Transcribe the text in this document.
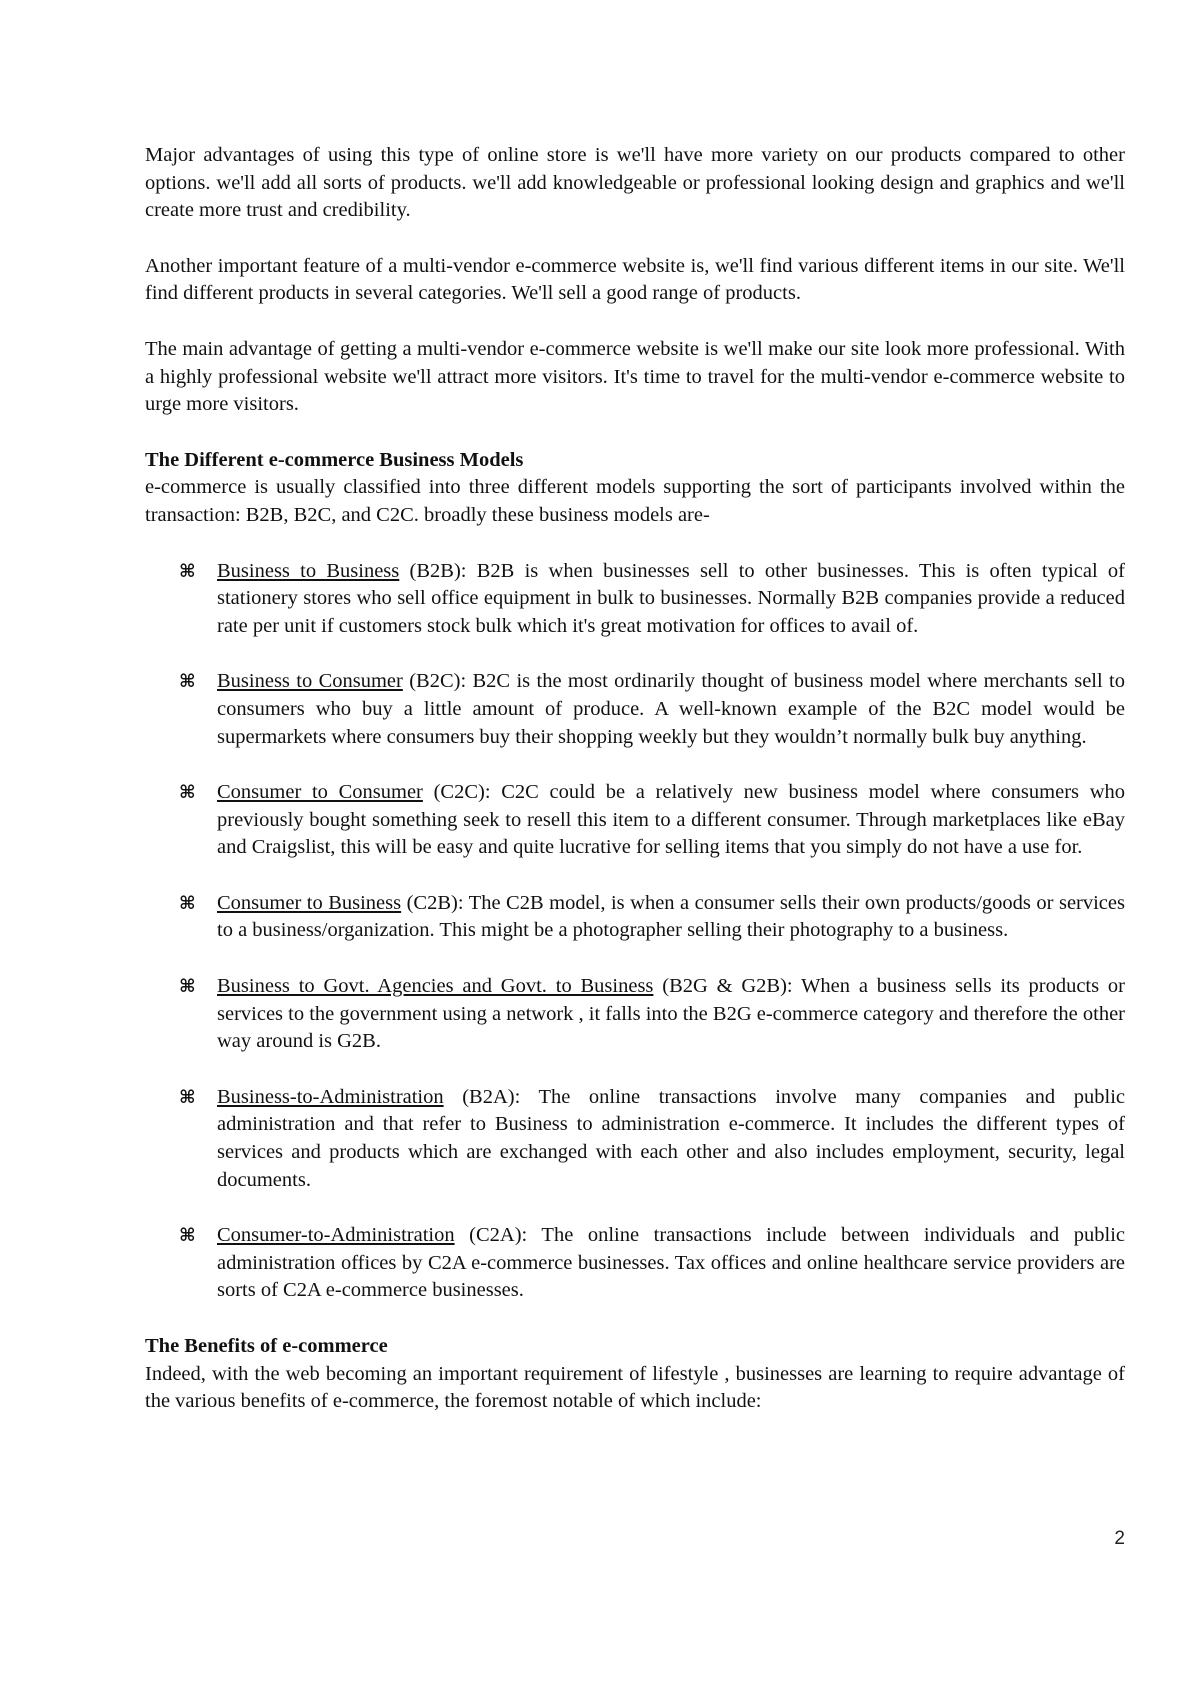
Major advantages of using this type of online store is we'll have more variety on our products compared to other options. we'll add all sorts of products. we'll add knowledgeable or professional looking design and graphics and we'll create more trust and credibility.

Another important feature of a multi-vendor e-commerce website is, we'll find various different items in our site. We'll find different products in several categories. We'll sell a good range of products.

The main advantage of getting a multi-vendor e-commerce website is we'll make our site look more professional. With a highly professional website we'll attract more visitors. It's time to travel for the multi-vendor e-commerce website to urge more visitors.

The Different e-commerce Business Models

e-commerce is usually classified into three different models supporting the sort of participants involved within the transaction: B2B, B2C, and C2C. broadly these business models are-

⌘ Business to Business (B2B): B2B is when businesses sell to other businesses. This is often typical of stationery stores who sell office equipment in bulk to businesses. Normally B2B companies provide a reduced rate per unit if customers stock bulk which it's great motivation for offices to avail of.
⌘ Business to Consumer (B2C): B2C is the most ordinarily thought of business model where merchants sell to consumers who buy a little amount of produce. A well-known example of the B2C model would be supermarkets where consumers buy their shopping weekly but they wouldn’t normally bulk buy anything.
⌘ Consumer to Consumer (C2C): C2C could be a relatively new business model where consumers who previously bought something seek to resell this item to a different consumer. Through marketplaces like eBay and Craigslist, this will be easy and quite lucrative for selling items that you simply do not have a use for.
⌘ Consumer to Business (C2B): The C2B model, is when a consumer sells their own products/goods or services to a business/organization. This might be a photographer selling their photography to a business.
⌘ Business to Govt. Agencies and Govt. to Business (B2G & G2B): When a business sells its products or services to the government using a network , it falls into the B2G e-commerce category and therefore the other way around is G2B.
⌘ Business-to-Administration (B2A): The online transactions involve many companies and public administration and that refer to Business to administration e-commerce. It includes the different types of services and products which are exchanged with each other and also includes employment, security, legal documents.
⌘ Consumer-to-Administration (C2A): The online transactions include between individuals and public administration offices by C2A e-commerce businesses. Tax offices and online healthcare service providers are sorts of C2A e-commerce businesses.
The Benefits of e-commerce

Indeed, with the web becoming an important requirement of lifestyle , businesses are learning to require advantage of the various benefits of e-commerce, the foremost notable of which include:

2
